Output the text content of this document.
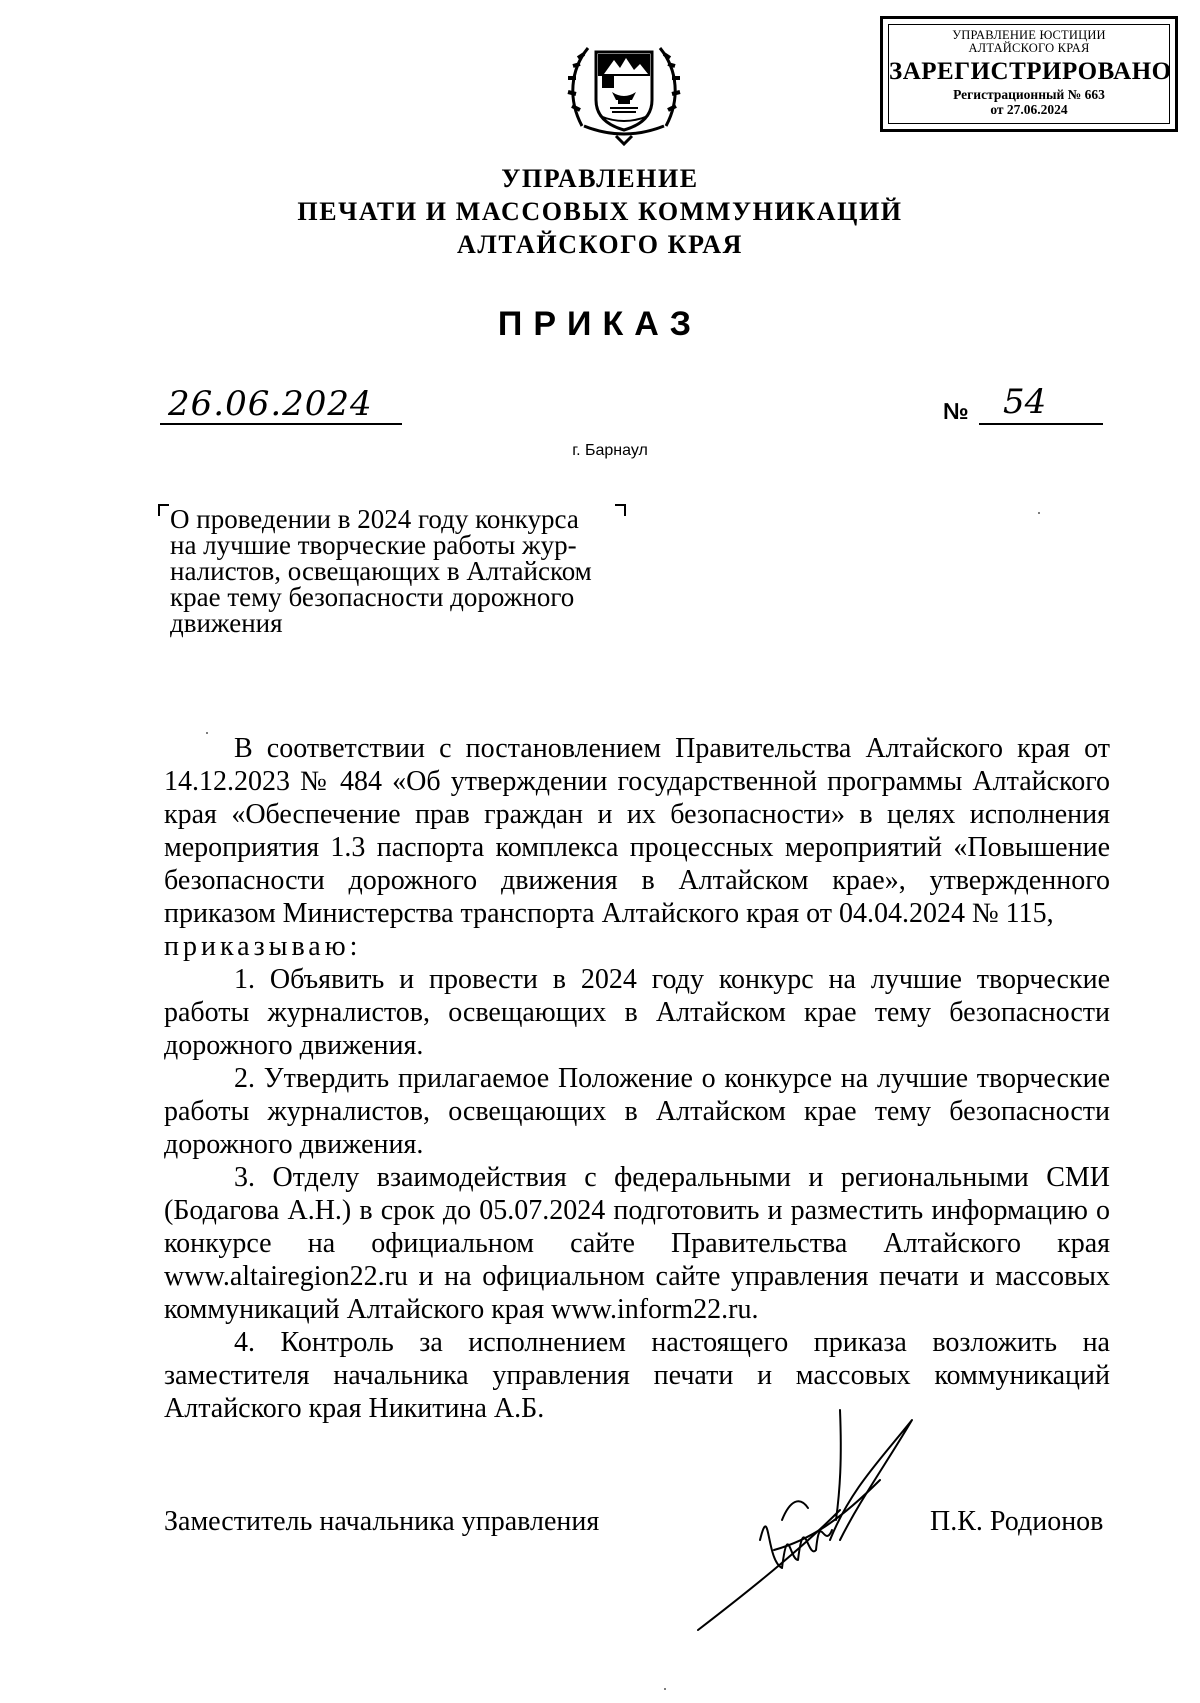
УПРАВЛЕНИЕ ЮСТИЦИИ
АЛТАЙСКОГО КРАЯ
ЗАРЕГИСТРИРОВАНО
Регистрационный № 663
от 27.06.2024
УПРАВЛЕНИЕ
ПЕЧАТИ И МАССОВЫХ КОММУНИКАЦИЙ
АЛТАЙСКОГО КРАЯ
ПРИКАЗ
26.06.2024	№ 54
г. Барнаул

О проведении в 2024 году конкурса

на лучшие творческие работы жур-

налистов, освещающих в Алтайском

крае тему безопасности дорожного

движения

В соответствии с постановлением Правительства Алтайского края от 14.12.2023 № 484 «Об утверждении государственной программы Алтайского края «Обеспечение прав граждан и их безопасности» в целях исполнения мероприятия 1.3 паспорта комплекса процессных мероприятий «Повышение безопасности дорожного движения в Алтайском крае», утвержденного приказом Министерства транспорта Алтайского края от 04.04.2024 № 115,

приказываю:

1. Объявить и провести в 2024 году конкурс на лучшие творческие работы журналистов, освещающих в Алтайском крае тему безопасности дорожного движения.

2. Утвердить прилагаемое Положение о конкурсе на лучшие творческие работы журналистов, освещающих в Алтайском крае тему безопасности дорожного движения.

3. Отделу взаимодействия с федеральными и региональными СМИ (Бодагова А.Н.) в срок до 05.07.2024 подготовить и разместить информацию о конкурсе на официальном сайте Правительства Алтайского края www.altairegion22.ru и на официальном сайте управления печати и массовых коммуникаций Алтайского края www.inform22.ru.

4. Контроль за исполнением настоящего приказа возложить на заместителя начальника управления печати и массовых коммуникаций Алтайского края Никитина А.Б.

Заместитель начальника управления	П.К. Родионов
